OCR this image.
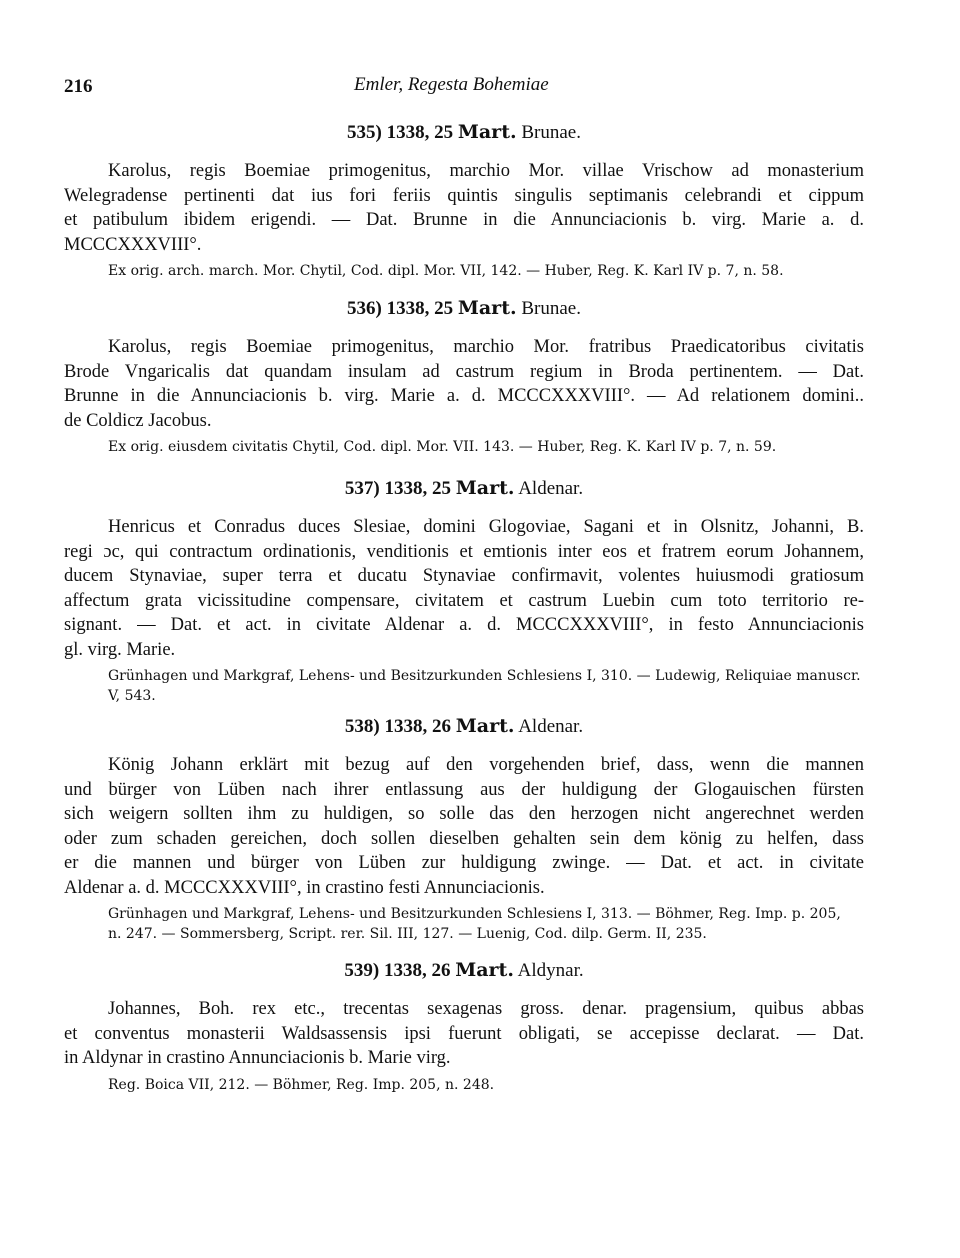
216	Emler, Regesta Bohemiae
535) 1338, 25 Mart. Brunae.
Karolus, regis Boemiae primogenitus, marchio Mor. villae Vrischow ad monasterium
Welegradense pertinenti dat ius fori feriis quintis singulis septimanis celebrandi et cippum
et patibulum ibidem erigendi. — Dat. Brunne in die Annunciacionis b. virg. Marie a. d.
MCCCXXXVIII°.
Ex orig. arch. march. Mor. Chytil, Cod. dipl. Mor. VII, 142. — Huber, Reg. K. Karl IV p. 7, n. 58.
536) 1338, 25 Mart. Brunae.
Karolus, regis Boemiae primogenitus, marchio Mor. fratribus Praedicatoribus civitatis
Brode Vngaricalis dat quandam insulam ad castrum regium in Broda pertinentem. — Dat.
Brunne in die Annunciacionis b. virg. Marie a. d. MCCCXXXVIII°. — Ad relationem domini..
de Coldicz Jacobus.
Ex orig. eiusdem civitatis Chytil, Cod. dipl. Mor. VII. 143. — Huber, Reg. K. Karl IV p. 7, n. 59.
537) 1338, 25 Mart. Aldenar.
Henricus et Conradus duces Slesiae, domini Glogoviae, Sagani et in Olsnitz, Johanni, B.
regi ɔc, qui contractum ordinationis, venditionis et emtionis inter eos et fratrem eorum Johannem,
ducem Stynaviae, super terra et ducatu Stynaviae confirmavit, volentes huiusmodi gratiosum
affectum grata vicissitudine compensare, civitatem et castrum Luebin cum toto territorio re-
signant. — Dat. et act. in civitate Aldenar a. d. MCCCXXXVIII°, in festo Annunciacionis
gl. virg. Marie.
Grünhagen und Markgraf, Lehens- und Besitzurkunden Schlesiens I, 310. — Ludewig, Reliquiae manuscr.
V, 543.
538) 1338, 26 Mart. Aldenar.
König Johann erklärt mit bezug auf den vorgehenden brief, dass, wenn die mannen
und bürger von Lüben nach ihrer entlassung aus der huldigung der Glogauischen fürsten
sich weigern sollten ihm zu huldigen, so solle das den herzogen nicht angerechnet werden
oder zum schaden gereichen, doch sollen dieselben gehalten sein dem könig zu helfen, dass
er die mannen und bürger von Lüben zur huldigung zwinge. — Dat. et act. in civitate
Aldenar a. d. MCCCXXXVIII°, in crastino festi Annunciacionis.
Grünhagen und Markgraf, Lehens- und Besitzurkunden Schlesiens I, 313. — Böhmer, Reg. Imp. p. 205,
n. 247. — Sommersberg, Script. rer. Sil. III, 127. — Luenig, Cod. dilp. Germ. II, 235.
539) 1338, 26 Mart. Aldynar.
Johannes, Boh. rex etc., trecentas sexagenas gross. denar. pragensium, quibus abbas
et conventus monasterii Waldsassensis ipsi fuerunt obligati, se accepisse declarat. — Dat.
in Aldynar in crastino Annunciacionis b. Marie virg.
Reg. Boica VII, 212. — Böhmer, Reg. Imp. 205, n. 248.
